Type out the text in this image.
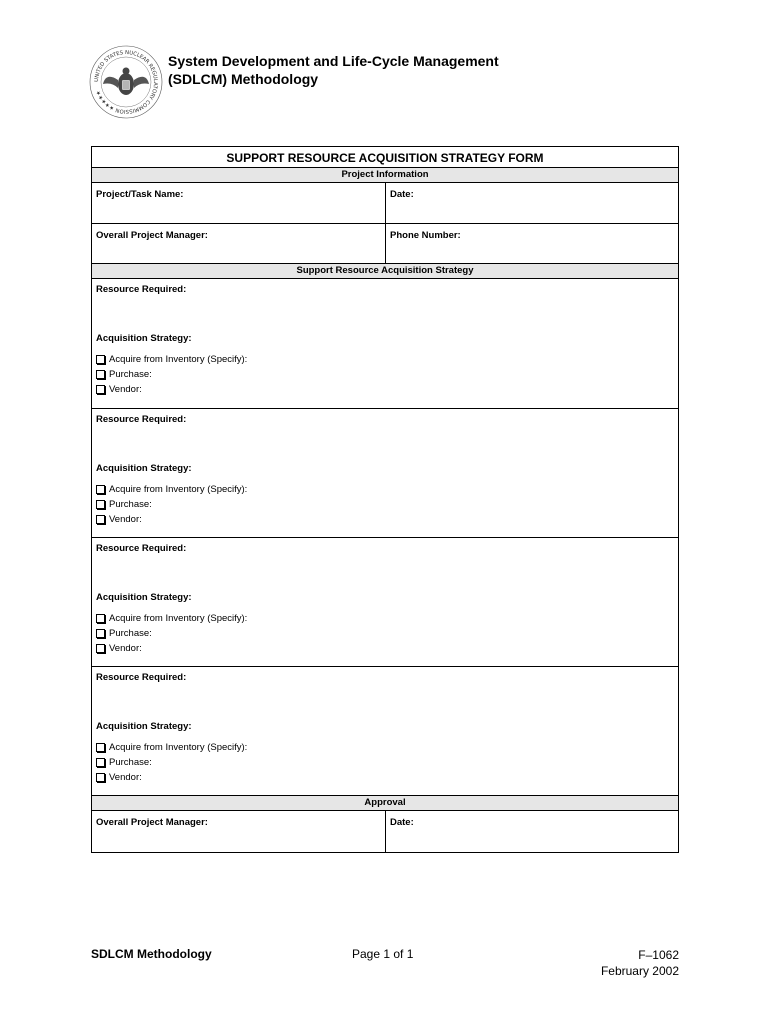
UNITED STATES NUCLEAR REGULATORY COMMISSION ★★★★★
System Development and Life-Cycle Management
(SDLCM) Methodology
SUPPORT RESOURCE ACQUISITION STRATEGY FORM
Project Information
Project/Task Name:	Date:
Overall Project Manager:	Phone Number:
Support Resource Acquisition Strategy
Resource Required:
Acquisition Strategy:
Acquire from Inventory (Specify):
Purchase:
Vendor:
Resource Required:
Acquisition Strategy:
Acquire from Inventory (Specify):
Purchase:
Vendor:
Resource Required:
Acquisition Strategy:
Acquire from Inventory (Specify):
Purchase:
Vendor:
Resource Required:
Acquisition Strategy:
Acquire from Inventory (Specify):
Purchase:
Vendor:
Approval
Overall Project Manager:	Date:
SDLCM Methodology	Page 1 of 1	F–1062
February 2002
